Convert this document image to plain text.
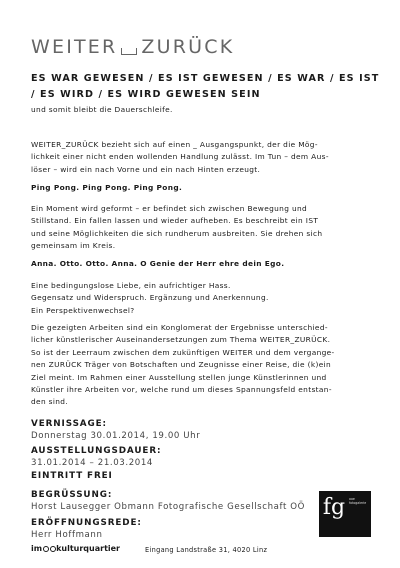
WEITER ZURÜCK
ES WAR GEWESEN / ES IST GEWESEN / ES WAR / ES IST
/ ES WIRD / ES WIRD GEWESEN SEIN
und somit bleibt die Dauerschleife.
WEITER_ZURÜCK bezieht sich auf einen _ Ausgangspunkt, der die Mög-
lichkeit einer nicht enden wollenden Handlung zulässt. Im Tun – dem Aus-
löser – wird ein nach Vorne und ein nach Hinten erzeugt.
Ping Pong. Ping Pong. Ping Pong.
Ein Moment wird geformt – er befindet sich zwischen Bewegung und
Stillstand. Ein fallen lassen und wieder aufheben. Es beschreibt ein IST
und seine Möglichkeiten die sich rundherum ausbreiten. Sie drehen sich
gemeinsam im Kreis.
Anna. Otto. Otto. Anna. O Genie der Herr ehre dein Ego.
Eine bedingungslose Liebe, ein aufrichtiger Hass.
Gegensatz und Widerspruch. Ergänzung und Anerkennung.
Ein Perspektivenwechsel?
Die gezeigten Arbeiten sind ein Konglomerat der Ergebnisse unterschied-
licher künstlerischer Auseinandersetzungen zum Thema WEITER_ZURÜCK.
So ist der Leerraum zwischen dem zukünftigen WEITER und dem vergange-
nen ZURÜCK Träger von Botschaften und Zeugnisse einer Reise, die (k)ein
Ziel meint. Im Rahmen einer Ausstellung stellen junge Künstlerinnen und
Künstler ihre Arbeiten vor, welche rund um dieses Spannungsfeld entstan-
den sind.
VERNISSAGE:
Donnerstag 30.01.2014, 19.00 Uhr
AUSSTELLUNGSDAUER:
31.01.2014 – 21.03.2014
EINTRITT FREI
BEGRÜSSUNG:
Horst Lausegger Obmann Fotografische Gesellschaft OÖ
ERÖFFNUNGSREDE:
Herr Hoffmann
fg	ooe fotogalerie
im kulturquartier	Eingang Landstraße 31, 4020 Linz
